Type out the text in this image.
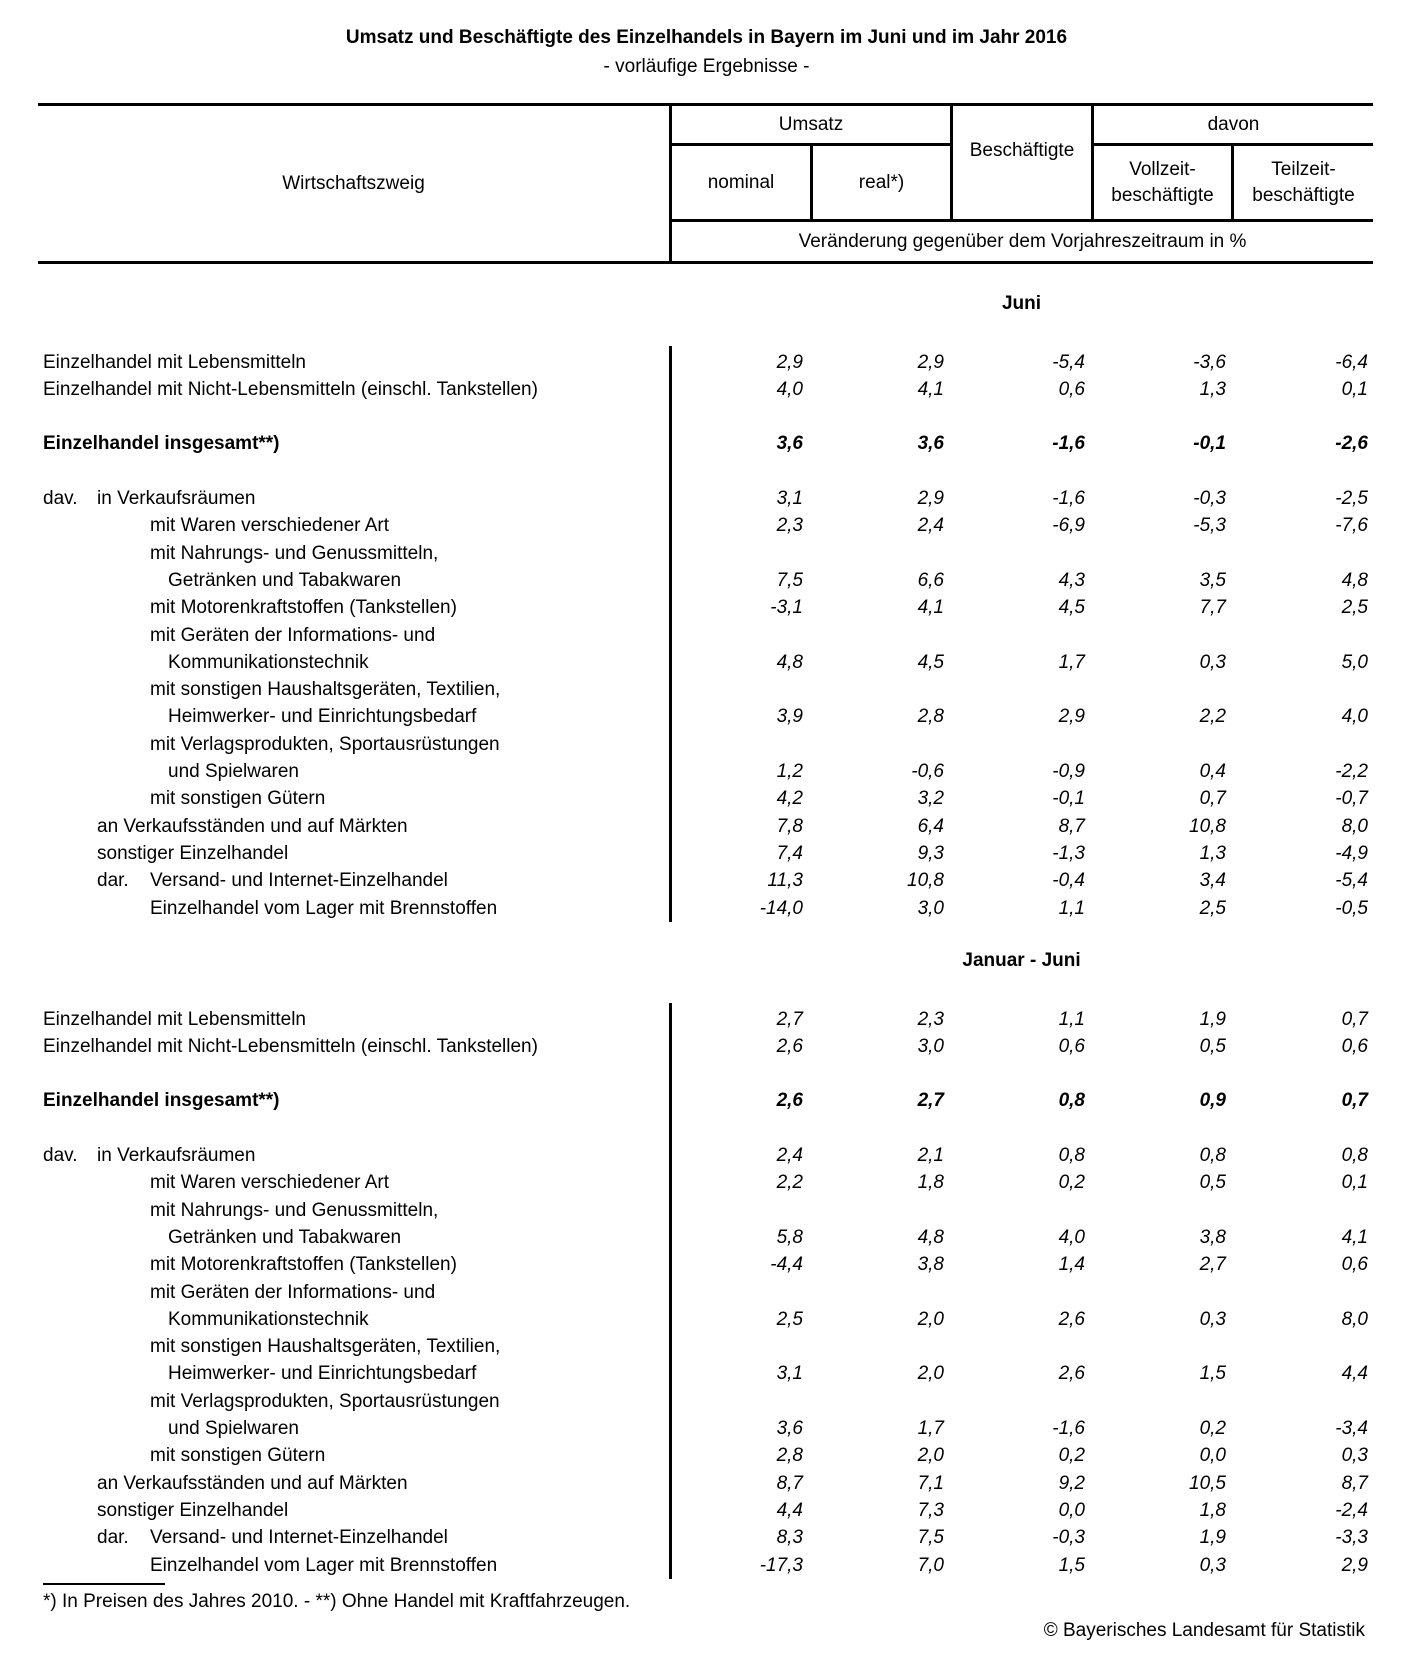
Umsatz und Beschäftigte des Einzelhandels in Bayern im Juni und im Jahr 2016
- vorläufige Ergebnisse -
Wirtschaftszweig
Umsatz
nominal	real*)
Beschäftigte
davon
Vollzeit-
beschäftigte
Teilzeit-
beschäftigte
Veränderung gegenüber dem Vorjahreszeitraum in %
Juni
Einzelhandel mit Lebensmitteln	2,9	2,9	-5,4	-3,6	-6,4
Einzelhandel mit Nicht-Lebensmitteln (einschl. Tankstellen)	4,0	4,1	0,6	1,3	0,1
Einzelhandel insgesamt**)	3,6	3,6	-1,6	-0,1	-2,6
dav. in Verkaufsräumen	3,1	2,9	-1,6	-0,3	-2,5
mit Waren verschiedener Art	2,3	2,4	-6,9	-5,3	-7,6
mit Nahrungs- und Genussmitteln,
Getränken und Tabakwaren	7,5	6,6	4,3	3,5	4,8
mit Motorenkraftstoffen (Tankstellen)	-3,1	4,1	4,5	7,7	2,5
mit Geräten der Informations- und
Kommunikationstechnik	4,8	4,5	1,7	0,3	5,0
mit sonstigen Haushaltsgeräten, Textilien,
Heimwerker- und Einrichtungsbedarf	3,9	2,8	2,9	2,2	4,0
mit Verlagsprodukten, Sportausrüstungen
und Spielwaren	1,2	-0,6	-0,9	0,4	-2,2
mit sonstigen Gütern	4,2	3,2	-0,1	0,7	-0,7
an Verkaufsständen und auf Märkten	7,8	6,4	8,7	10,8	8,0
sonstiger Einzelhandel	7,4	9,3	-1,3	1,3	-4,9
dar. Versand- und Internet-Einzelhandel	11,3	10,8	-0,4	3,4	-5,4
Einzelhandel vom Lager mit Brennstoffen	-14,0	3,0	1,1	2,5	-0,5
Januar - Juni
Einzelhandel mit Lebensmitteln	2,7	2,3	1,1	1,9	0,7
Einzelhandel mit Nicht-Lebensmitteln (einschl. Tankstellen)	2,6	3,0	0,6	0,5	0,6
Einzelhandel insgesamt**)	2,6	2,7	0,8	0,9	0,7
dav. in Verkaufsräumen	2,4	2,1	0,8	0,8	0,8
mit Waren verschiedener Art	2,2	1,8	0,2	0,5	0,1
mit Nahrungs- und Genussmitteln,
Getränken und Tabakwaren	5,8	4,8	4,0	3,8	4,1
mit Motorenkraftstoffen (Tankstellen)	-4,4	3,8	1,4	2,7	0,6
mit Geräten der Informations- und
Kommunikationstechnik	2,5	2,0	2,6	0,3	8,0
mit sonstigen Haushaltsgeräten, Textilien,
Heimwerker- und Einrichtungsbedarf	3,1	2,0	2,6	1,5	4,4
mit Verlagsprodukten, Sportausrüstungen
und Spielwaren	3,6	1,7	-1,6	0,2	-3,4
mit sonstigen Gütern	2,8	2,0	0,2	0,0	0,3
an Verkaufsständen und auf Märkten	8,7	7,1	9,2	10,5	8,7
sonstiger Einzelhandel	4,4	7,3	0,0	1,8	-2,4
dar. Versand- und Internet-Einzelhandel	8,3	7,5	-0,3	1,9	-3,3
Einzelhandel vom Lager mit Brennstoffen	-17,3	7,0	1,5	0,3	2,9
*) In Preisen des Jahres 2010. - **) Ohne Handel mit Kraftfahrzeugen.
© Bayerisches Landesamt für Statistik
